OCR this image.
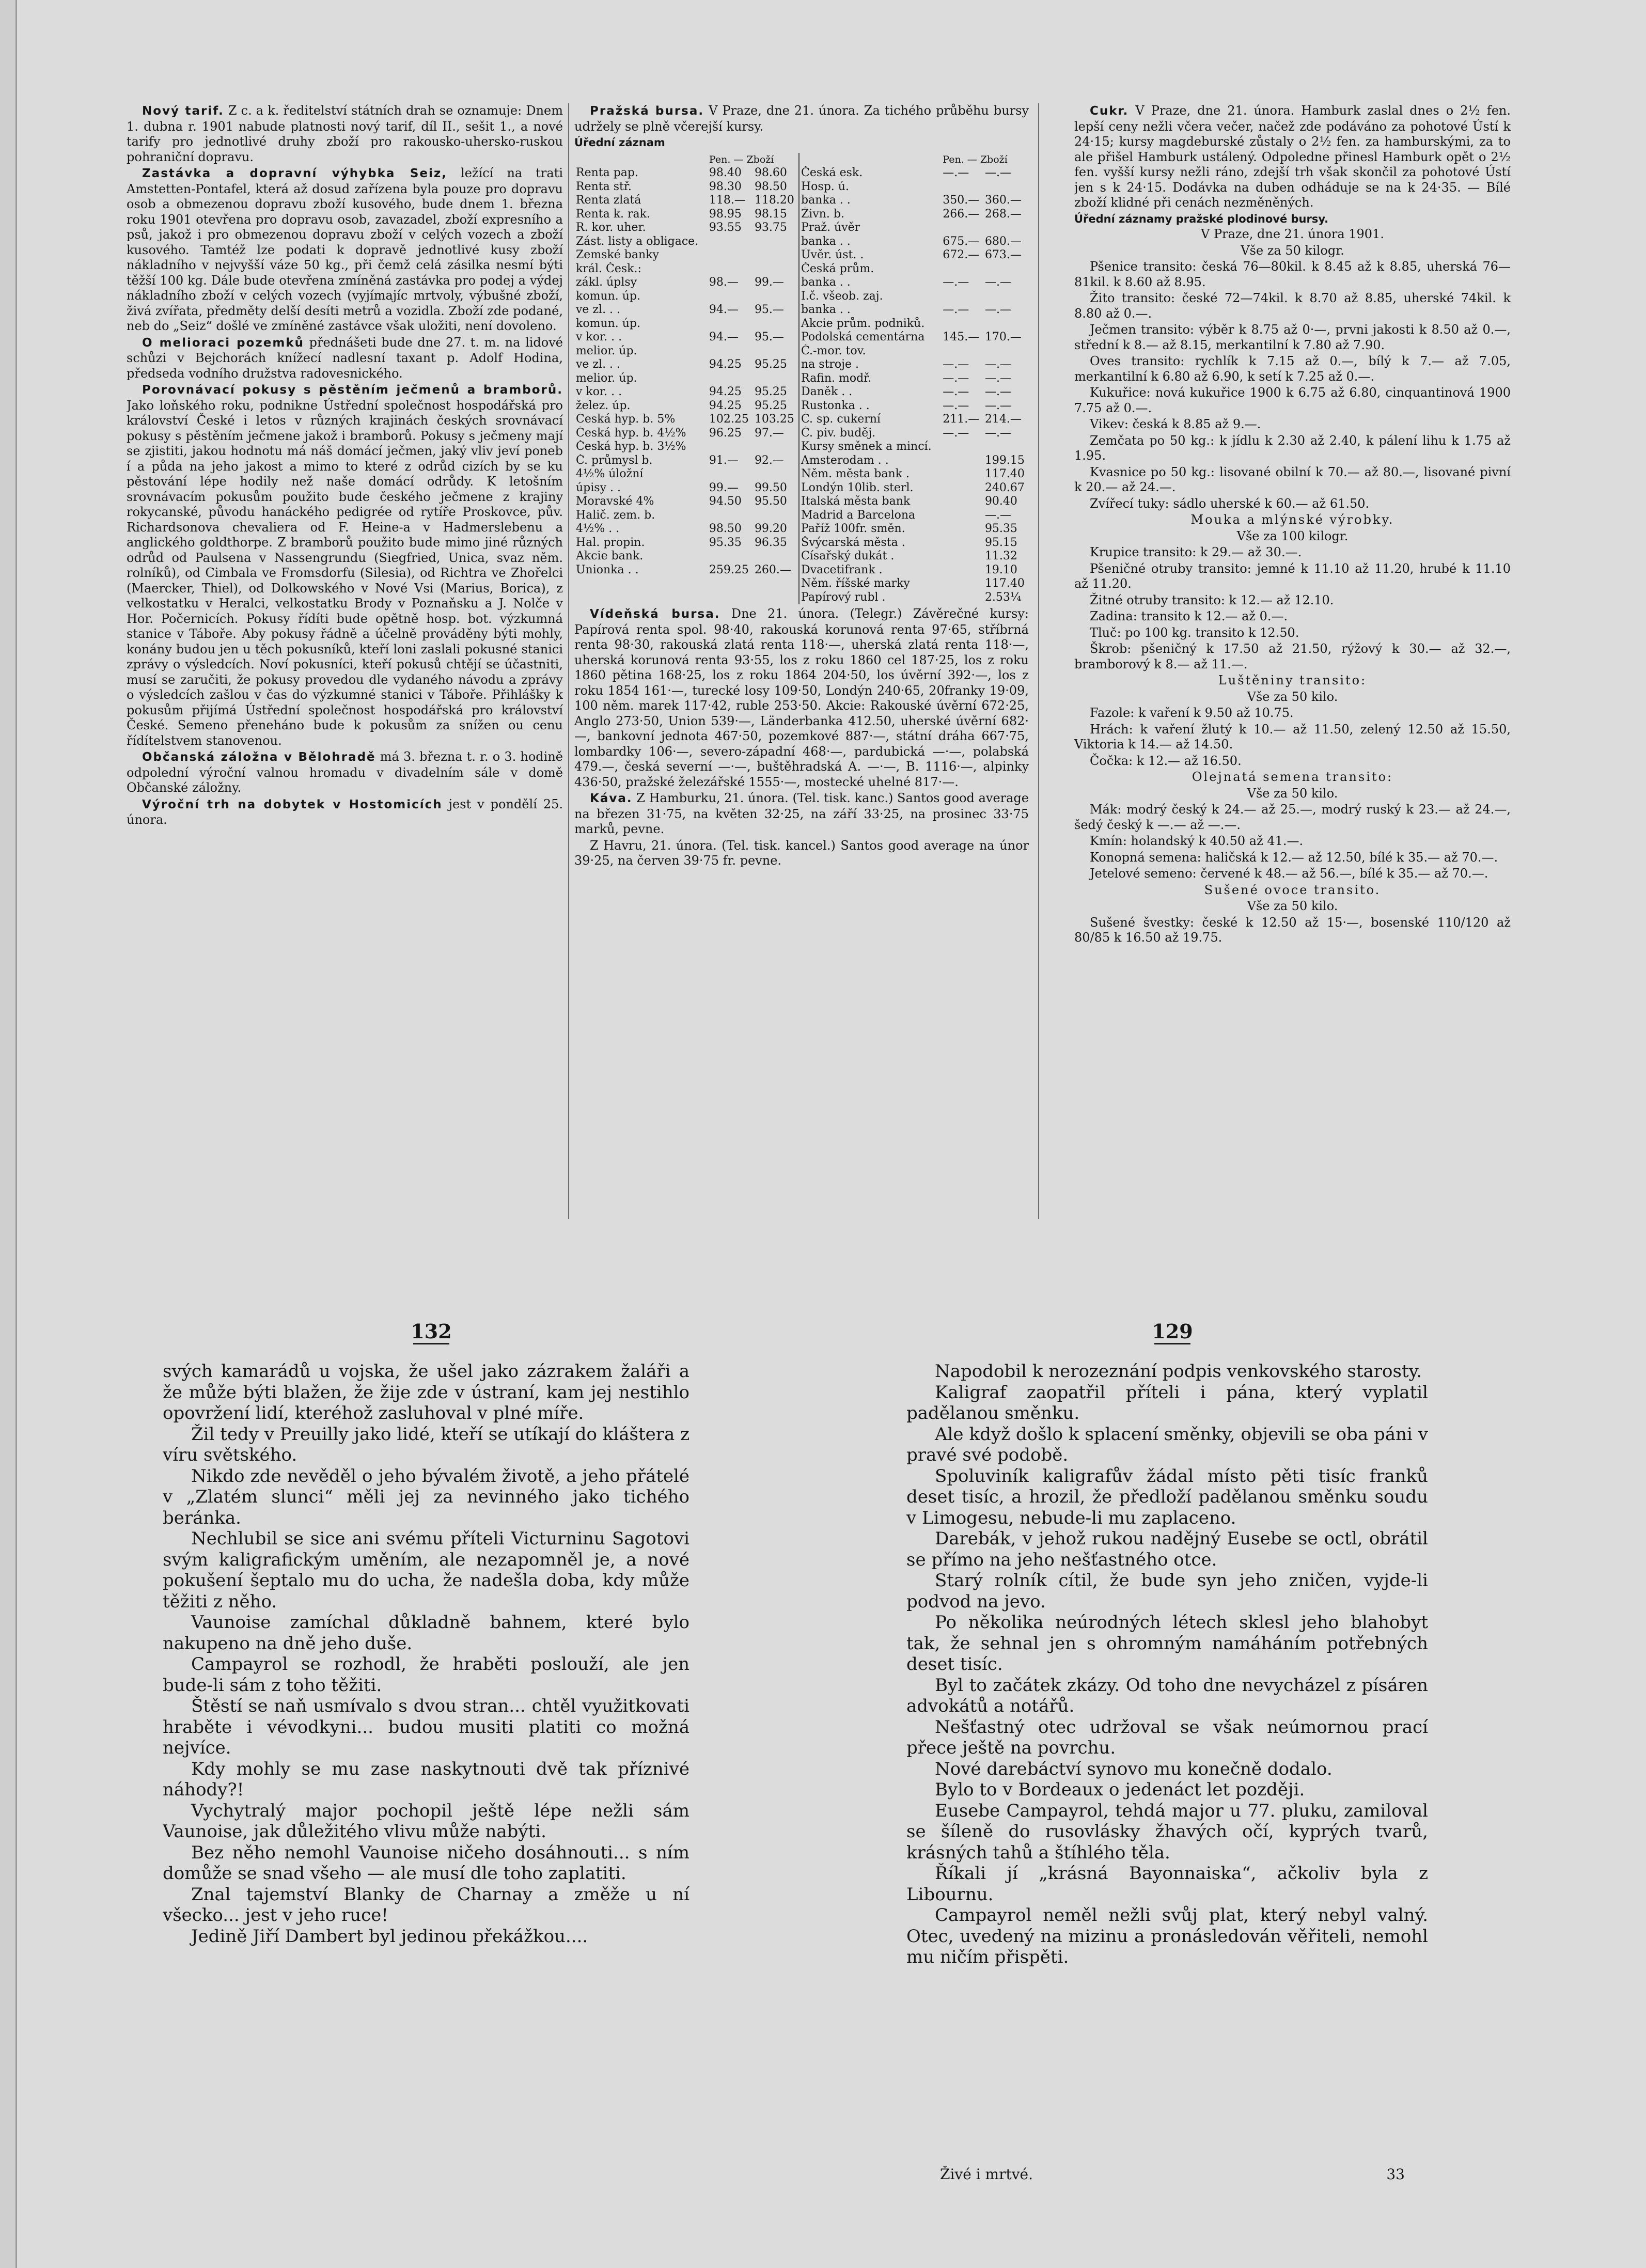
Nový tarif. Z c. a k. ředitelství státních drah se oznamuje: Dnem 1. dubna r. 1901 nabude platnosti nový tarif, díl II., sešit 1., a nové tarify pro jednotlivé druhy zboží pro rakousko-uhersko-ruskou pohraniční dopravu.

Zastávka a dopravní výhybka Seiz, ležící na trati Amstetten-Pontafel, která až dosud zařízena byla pouze pro dopravu osob a obmezenou dopravu zboží kusového, bude dnem 1. března roku 1901 otevřena pro dopravu osob, zavazadel, zboží expresního a psů, jakož i pro obmezenou dopravu zboží v celých vozech a zboží kusového. Tamtéž lze podati k dopravě jednotlivé kusy zboží nákladního v nejvyšší váze 50 kg., při čemž celá zásilka nesmí býti těžší 100 kg. Dále bude otevřena zmíněná zastávka pro podej a výdej nákladního zboží v celých vozech (vyjímajíc mrtvoly, výbušné zboží, živá zvířata, předměty delší desíti metrů a vozidla. Zboží zde podané, neb do „Seiz“ došlé ve zmíněné zastávce však uložiti, není dovoleno.

O melioraci pozemků přednášeti bude dne 27. t. m. na lidové schůzi v Bejchorách knížecí nadlesní taxant p. Adolf Hodina, předseda vodního družstva radovesnického.

Porovnávací pokusy s pěstěním ječmenů a bramborů. Jako loňského roku, podnikne Ústřední společnost hospodářská pro království České i letos v různých krajinách českých srovnávací pokusy s pěstěním ječmene jakož i bramborů. Pokusy s ječmeny mají se zjistiti, jakou hodnotu má náš domácí ječmen, jaký vliv jeví poneb í a půda na jeho jakost a mimo to které z odrůd cizích by se ku pěstování lépe hodily než naše domácí odrůdy. K letošním srovnávacím pokusům použito bude českého ječmene z krajiny rokycanské, původu hanáckého pedigrée od rytíře Proskovce, pův. Richardsonova chevaliera od F. Heine-a v Hadmerslebenu a anglického goldthorpe. Z bramborů použito bude mimo jiné různých odrůd od Paulsena v Nassengrundu (Siegfried, Unica, svaz něm. rolníků), od Cimbala ve Fromsdorfu (Silesia), od Richtra ve Zhořelci (Maercker, Thiel), od Dolkowského v Nové Vsi (Marius, Borica), z velkostatku v Heralci, velkostatku Brody v Poznaňsku a J. Nolče v Hor. Počernicích. Pokusy řídíti bude opětně hosp. bot. výzkumná stanice v Táboře. Aby pokusy řádně a účelně prováděny býti mohly, konány budou jen u těch pokusníků, kteří loni zaslali pokusné stanici zprávy o výsledcích. Noví pokusníci, kteří pokusů chtějí se účastniti, musí se zaručiti, že pokusy provedou dle vydaného návodu a zprávy o výsledcích zašlou v čas do výzkumné stanici v Táboře. Přihlášky k pokusům přijímá Ústřední společnost hospodářská pro království České. Semeno přeneháno bude k pokusům za snížen ou cenu řídítelstvem stanovenou.

Občanská záložna v Bělohradě má 3. března t. r. o 3. hodině odpolední výroční valnou hromadu v divadelním sále v domě Občanské záložny.

Výroční trh na dobytek v Hostomicích jest v pondělí 25. února.

Pražská bursa. V Praze, dne 21. února. Za tichého průběhu bursy udržely se plně včerejší kursy.

Úřední záznam
	Pen. — Zboží			Pen. — Zboží	
Renta pap.	98.40	98.60	Česká esk.	—.—	—.—
Renta stř.	98.30	98.50	Hosp. ú.		
Renta zlatá	118.—	118.20	banka . .	350.—	360.—
Renta k. rak.	98.95	98.15	Živn. b.	266.—	268.—
R. kor. uher.	93.55	93.75	Praž. úvěr		
Zást. listy a obligace.			banka . .	675.—	680.—
Zemské banky			Úvěr. úst. .	672.—	673.—
král. Česk.:			Česká prům.		
zákl. úplsy	98.—	99.—	banka . .	—.—	—.—
komun. úp.			I.č. všeob. zaj.		
ve zl. . .	94.—	95.—	banka . .	—.—	—.—
komun. úp.			Akcie prům. podniků.		
v kor. . .	94.—	95.—	Podolská cementárna	145.—	170.—
melior. úp.			Č.-mor. tov.		
ve zl. . .	94.25	95.25	na stroje .	—.—	—.—
melior. úp.			Rafin. modř.	—.—	—.—
v kor. . .	94.25	95.25	Daněk . .	—.—	—.—
želez. úp.	94.25	95.25	Rustonka . .	—.—	—.—
Česká hyp. b. 5%	102.25	103.25	Č. sp. cukerní	211.—	214.—
Česká hyp. b. 4½%	96.25	97.—	Č. piv. buděj.	—.—	—.—
Česká hyp. b. 3½%			Kursy směnek a mincí.		
Č. průmysl b.	91.—	92.—	Amsterodam . .		199.15
4½% úložní			Něm. města bank .		117.40
úpisy . .	99.—	99.50	Londýn 10lib. sterl.		240.67
Moravské 4%	94.50	95.50	Italská města bank		90.40
Halič. zem. b.			Madrid a Barcelona		—.—
4½% . .	98.50	99.20	Paříž 100fr. směn.		95.35
Hal. propin.	95.35	96.35	Švýcarská města .		95.15
Akcie bank.			Císařský dukát .		11.32
Unionka . .	259.25	260.—	Dvacetifrank .		19.10
			Něm. říšské marky		117.40
			Papírový rubl .		2.53¼

Vídeňská bursa. Dne 21. února. (Telegr.) Závěrečné kursy: Papírová renta spol. 98·40, rakouská korunová renta 97·65, stříbrná renta 98·30, rakouská zlatá renta 118·—, uherská zlatá renta 118·—, uherská korunová renta 93·55, los z roku 1860 cel 187·25, los z roku 1860 pětina 168·25, los z roku 1864 204·50, los úvěrní 392·—, los z roku 1854 161·—, turecké losy 109·50, Londýn 240·65, 20franky 19·09, 100 něm. marek 117·42, ruble 253·50. Akcie: Rakouské úvěrní 672·25, Anglo 273·50, Union 539·—, Länderbanka 412.50, uherské úvěrní 682·—, bankovní jednota 467·50, pozemkové 887·—, státní dráha 667·75, lombardky 106·—, severo-západní 468·—, pardubická —·—, polabská 479.—, česká severní —·—, buštěhradská A. —·—, B. 1116·—, alpinky 436·50, pražské železářské 1555·—, mostecké uhelné 817·—.

Káva. Z Hamburku, 21. února. (Tel. tisk. kanc.) Santos good average na březen 31·75, na květen 32·25, na září 33·25, na prosinec 33·75 marků, pevne.

Z Havru, 21. února. (Tel. tisk. kancel.) Santos good average na únor 39·25, na červen 39·75 fr. pevne.

Cukr. V Praze, dne 21. února. Hamburk zaslal dnes o 2½ fen. lepší ceny nežli včera večer, načež zde podáváno za pohotové Ústí k 24·15; kursy magdeburské zůstaly o 2½ fen. za hamburskými, za to ale přišel Hamburk ustálený. Odpoledne přinesl Hamburk opět o 2½ fen. vyšší kursy nežli ráno, zdejší trh však skončil za pohotové Ústí jen s k 24·15. Dodávka na duben odháduje se na k 24·35. — Bílé zboží klidné při cenách nezměněných.

Úřední záznamy pražské plodinové bursy.

V Praze, dne 21. února 1901.

Vše za 50 kilogr.

Pšenice transito: česká 76—80kil. k 8.45 až k 8.85, uherská 76—81kil. k 8.60 až 8.95.

Žito transito: české 72—74kil. k 8.70 až 8.85, uherské 74kil. k 8.80 až 0.—.

Ječmen transito: výběr k 8.75 až 0·—, prvni jakosti k 8.50 až 0.—, střední k 8.— až 8.15, merkantilní k 7.80 až 7.90.

Oves transito: rychlík k 7.15 až 0.—, bílý k 7.— až 7.05, merkantilní k 6.80 až 6.90, k setí k 7.25 až 0.—.

Kukuřice: nová kukuřice 1900 k 6.75 až 6.80, cinquantinová 1900 7.75 až 0.—.

Vikev: česká k 8.85 až 9.—.

Zemčata po 50 kg.: k jídlu k 2.30 až 2.40, k pálení lihu k 1.75 až 1.95.

Kvasnice po 50 kg.: lisované obilní k 70.— až 80.—, lisované pivní k 20.— až 24.—.

Zvířecí tuky: sádlo uherské k 60.— až 61.50.

Mouka a mlýnské výrobky.

Vše za 100 kilogr.

Krupice transito: k 29.— až 30.—.

Pšeničné otruby transito: jemné k 11.10 až 11.20, hrubé k 11.10 až 11.20.

Žitné otruby transito: k 12.— až 12.10.

Zadina: transito k 12.— až 0.—.

Tluč: po 100 kg. transito k 12.50.

Škrob: pšeničný k 17.50 až 21.50, rýžový k 30.— až 32.—, bramborový k 8.— až 11.—.

Luštěniny transito:

Vše za 50 kilo.

Fazole: k vaření k 9.50 až 10.75.

Hrách: k vaření žlutý k 10.— až 11.50, zelený 12.50 až 15.50, Viktoria k 14.— až 14.50.

Čočka: k 12.— až 16.50.

Olejnatá semena transito:

Vše za 50 kilo.

Mák: modrý český k 24.— až 25.—, modrý ruský k 23.— až 24.—, šedý český k —.— až —.—.

Kmín: holandský k 40.50 až 41.—.

Konopná semena: haličská k 12.— až 12.50, bílé k 35.— až 70.—.

Jetelové semeno: červené k 48.— až 56.—, bílé k 35.— až 70.—.

Sušené ovoce transito.

Vše za 50 kilo.

Sušené švestky: české k 12.50 až 15·—, bosenské 110/120 až 80/85 k 16.50 až 19.75.

132	129

svých kamarádů u vojska, že ušel jako zázrakem žaláři a že může býti blažen, že žije zde v ústraní, kam jej nestihlo opovržení lidí, kteréhož zasluhoval v plné míře.

Žil tedy v Preuilly jako lidé, kteří se utíkají do kláštera z víru světského.

Nikdo zde nevěděl o jeho bývalém životě, a jeho přátelé v „Zlatém slunci“ měli jej za nevinného jako tichého beránka.

Nechlubil se sice ani svému příteli Victurninu Sagotovi svým kaligrafickým uměním, ale nezapomněl je, a nové pokušení šeptalo mu do ucha, že nadešla doba, kdy může těžiti z něho.

Vaunoise zamíchal důkladně bahnem, které bylo nakupeno na dně jeho duše.

Campayrol se rozhodl, že hraběti poslouží, ale jen bude-li sám z toho těžiti.

Štěstí se naň usmívalo s dvou stran... chtěl využitkovati hraběte i vévodkyni... budou musiti platiti co možná nejvíce.

Kdy mohly se mu zase naskytnouti dvě tak příznivé náhody?!

Vychytralý major pochopil ještě lépe nežli sám Vaunoise, jak důležitého vlivu může nabýti.

Bez něho nemohl Vaunoise ničeho dosáhnouti... s ním domůže se snad všeho — ale musí dle toho zaplatiti.

Znal tajemství Blanky de Charnay a změže u ní všecko... jest v jeho ruce!

Jedině Jiří Dambert byl jedinou překážkou....

Napodobil k nerozeznání podpis venkovského starosty.

Kaligraf zaopatřil příteli i pána, který vyplatil padělanou směnku.

Ale když došlo k splacení směnky, objevili se oba páni v pravé své podobě.

Spoluviník kaligrafův žádal místo pěti tisíc franků deset tisíc, a hrozil, že předloží padělanou směnku soudu v Limogesu, nebude-li mu zaplaceno.

Darebák, v jehož rukou nadějný Eusebe se octl, obrátil se přímo na jeho nešťastného otce.

Starý rolník cítil, že bude syn jeho zničen, vyjde-li podvod na jevo.

Po několika neúrodných létech sklesl jeho blahobyt tak, že sehnal jen s ohromným namáháním potřebných deset tisíc.

Byl to začátek zkázy. Od toho dne nevycházel z písáren advokátů a notářů.

Nešťastný otec udržoval se však neúmornou prací přece ještě na povrchu.

Nové darebáctví synovo mu konečně dodalo.

Bylo to v Bordeaux o jedenáct let později.

Eusebe Campayrol, tehdá major u 77. pluku, zamiloval se šíleně do rusovlásky žhavých očí, kyprých tvarů, krásných tahů a štíhlého těla.

Říkali jí „krásná Bayonnaiska“, ačkoliv byla z Libournu.

Campayrol neměl nežli svůj plat, který nebyl valný. Otec, uvedený na mizinu a pronásledován věřiteli, nemohl mu ničím přispěti.

Živé i mrtvé.	33
